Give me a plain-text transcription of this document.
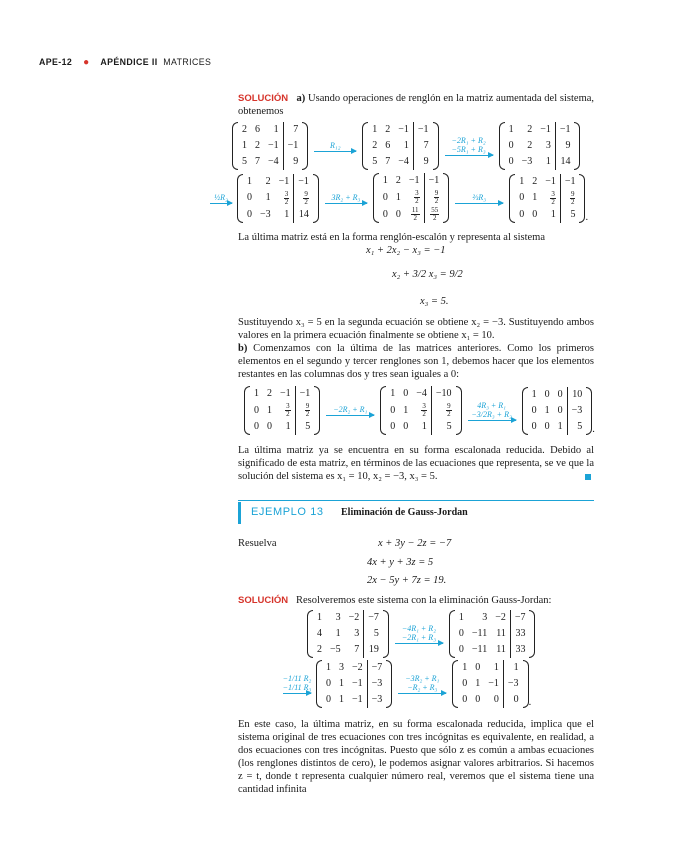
APE-12 ● APÉNDICE II MATRICES
SOLUCIÓN a) Usando operaciones de renglón en la matriz aumentada del sistema, obtenemos
2	6	1	7
1	2	−1	−1
5	7	−4	9
R₁₂
1	2	−1	−1
2	6	1	7
5	7	−4	9
−2R₁ + R₂
−5R₁ + R₃
1	2	−1	−1
0	2	3	9
0	−3	1	14
½R₂
1	2	−1	−1
0	1	$\frac{3}{2}$	$\frac{9}{2}$

0	−3	1	14
3R₂ + R₃
1	2	−1	−1
0	1	$\frac{3}{2}$	$\frac{9}{2}$

0	0	$\frac{11}{2}$	$\frac{55}{2}$
⅔R₃
1	2	−1	−1
0	1	$\frac{3}{2}$	$\frac{9}{2}$

0	0	1	5 .
La última matriz está en la forma renglón-escalón y representa al sistema
x₁ + 2x₂ − x₃ = −1
x₂ + 3/2 x₃ = 9/2
x₃ = 5.
Sustituyendo x₃ = 5 en la segunda ecuación se obtiene x₂ = −3. Sustituyendo ambos valores en la primera ecuación finalmente se obtiene x₁ = 10.
b) Comenzamos con la última de las matrices anteriores. Como los primeros elementos en el segundo y tercer renglones son 1, debemos hacer que los elementos restantes en las columnas dos y tres sean iguales a 0:
1	2	−1	−1
0	1	$\frac{3}{2}$	$\frac{9}{2}$

0	0	1	5
−2R₂ + R₁
1	0	−4	−10
0	1	$\frac{3}{2}$	$\frac{9}{2}$

0	0	1	5
4R₃ + R₁
−3/2R₃ + R₂
1	0	0	10
0	1	0	−3
0	0	1	5 .
La última matriz ya se encuentra en su forma escalonada reducida. Debido al significado de esta matriz, en términos de las ecuaciones que representa, se ve que la solución del sistema es x₁ = 10, x₂ = −3, x₃ = 5.
EJEMPLO 13 Eliminación de Gauss-Jordan
Resuelva	x + 3y − 2z = −7
4x + y + 3z = 5
2x − 5y + 7z = 19.
SOLUCIÓN Resolveremos este sistema con la eliminación Gauss-Jordan:
1	3	−2	−7
4	1	3	5
2	−5	7	19
−4R₁ + R₂
−2R₁ + R₃
1	3	−2	−7
0	−11	11	33
0	−11	11	33
−1/11 R₂
−1/11 R₃
1	3	−2	−7
0	1	−1	−3
0	1	−1	−3
−3R₂ + R₁
−R₂ + R₃
1	0	1	1
0	1	−1	−3
0	0	0	0 .
En este caso, la última matriz, en su forma escalonada reducida, implica que el sistema original de tres ecuaciones con tres incógnitas es equivalente, en realidad, a dos ecuaciones con tres incógnitas. Puesto que sólo z es común a ambas ecuaciones (los renglones distintos de cero), le podemos asignar valores arbitrarios. Si hacemos z = t, donde t representa cualquier número real, veremos que el sistema tiene una cantidad infinita
